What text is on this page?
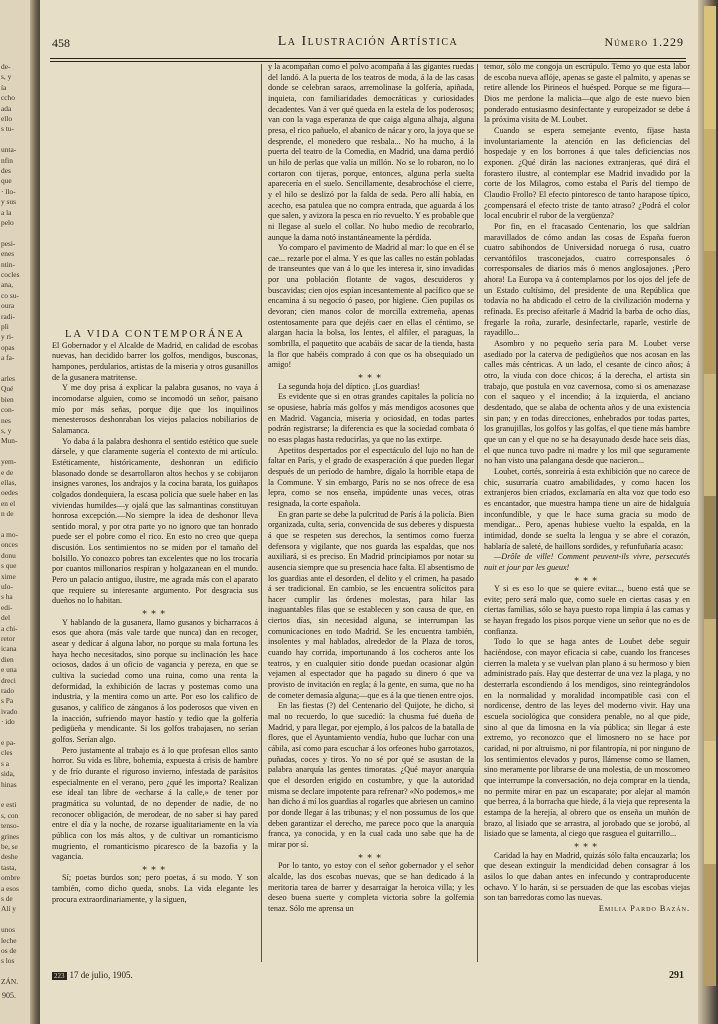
de-
s, y
ía
ccho
ada
ello
s tu-
unta-
nfin
des
que
· llo-
y sus
a la
pelo
pesi-
enes
ntin-
cocles
ana,
co su-
oura
radi-
pli
y ri-
opas
a fa-
arles
Qué
bien
con-
nes
s, y
Mun-
yem-
e de
ellas,
oedes
en el
n de
a mo-
onces
donu
s que
xime
ulo-
s ha
edi-
del
a chi-
retor
icana
dien
e una
dreci
rado
s Pa
ivado
· ido
e pa-
cles
s a
sida,
hinas
e esti
s, con
tenso-
grines
be, se
deshe
tasta,
ombre
a esos
s de
Alí y
unos
leche
os de
s los
ZÁN.
905.
458	La Ilustración Artística	Número 1.229

LA VIDA CONTEMPORÁNEA

El Gobernador y el Alcalde de Madrid, en calidad de escobas nuevas, han decidido barrer los golfos, mendigos, busconas, hampones, perdularios, artistas de la miseria y otros gusanillos de la gusanera matritense.

Y me doy prisa á explicar la palabra gusanos, no vaya á incomodarse alguien, como se incomodó un señor, paisano mío por más señas, porque dije que los inquilinos menesterosos deshonraban los viejos palacios nobiliarios de Salamanca.

Yo daba á la palabra deshonra el sentido estético que suele dársele, y que claramente sugería el contexto de mi artículo. Estéticamente, históricamente, deshonran un edificio blasonado donde se desarrollaron altos hechos y se cobijaron insignes varones, los andrajos y la cocina barata, los guiñapos colgados dondequiera, la escasa policía que suele haber en las viviendas humildes—y ojalá que las salmantinas constituyan honrosa excepción.—No siempre la idea de deshonor lleva sentido moral, y por otra parte yo no ignoro que tan honrado puede ser el pobre como el rico. En esto no creo que quepa discusión. Los sentimientos no se miden por el tamaño del bolsillo. Yo conozco pobres tan excelentes que no los trocaría por cuantos millonarios respiran y holgazanean en el mundo. Pero un palacio antiguo, ilustre, me agrada más con el aparato que requiere su interesante argumento. Por desgracia sus dueños no lo habitan.

∗∗∗

Y hablando de la gusanera, llamo gusanos y bicharracos á esos que ahora (más vale tarde que nunca) dan en recoger, asear y dedicar á alguna labor, no porque su mala fortuna les haya hecho necesitados, sino porque su inclinación les hace ociosos, dados á un oficio de vagancia y pereza, en que se cultiva la suciedad como una ruina, como una renta la deformidad, la exhibición de lacras y postemas como una industria, y la mentira como un arte. Por eso los califico de gusanos, y califico de zánganos á los poderosos que viven en la inacción, sufriendo mayor hastío y tedio que la golfería pedigüeña y mendicante. Si los golfos trabajasen, no serían golfos. Serían algo.

Pero justamente al trabajo es á lo que profesan ellos santo horror. Su vida es libre, bohemia, expuesta á crisis de hambre y de frío durante el riguroso invierno, infestada de parásitos especialmente en el verano, pero ¿qué les importa? Realizan ese ideal tan libre de «echarse á la calle,» de tener por pragmática su voluntad, de no depender de nadie, de no reconocer obligación, de merodear, de no saber si hay pared entre el día y la noche, de rozarse igualitariamente en la vía pública con los más altos, y de cultivar un romanticismo mugriento, el romanticismo picaresco de la bazofia y la vagancia.

∗∗∗

Sí; poetas burdos son; pero poetas, á su modo. Y son también, como dicho queda, snobs. La vida elegante les procura extraordinariamente, y la siguen,

y la acompañan como el polvo acompaña á las gigantes ruedas del landó. A la puerta de los teatros de moda, á la de las casas donde se celebran saraos, arremolinase la golfería, apiñada, inquieta, con familiaridades democráticas y curiosidades decadentes. Van á ver qué queda en la estela de los poderosos; van con la vaga esperanza de que caiga alguna alhaja, alguna presa, el rico pañuelo, el abanico de nácar y oro, la joya que se desprende, el monedero que resbala... No ha mucho, á la puerta del teatro de la Comedia, en Madrid, una dama perdió un hilo de perlas que valía un millón. No se lo robaron, no lo cortaron con tijeras, porque, entonces, alguna perla suelta aparecería en el suelo. Sencillamente, desabrochóse el cierre, y el hilo se deslizó por la falda de seda. Pero allí había, en acecho, esa patulea que no compra entrada, que aguarda á los que salen, y avizora la pesca en río revuelto. Y es probable que ni llegase al suelo el collar. No hubo medio de recobrarlo, aunque la dama notó instantáneamente la pérdida.

Yo comparo el pavimento de Madrid al mar: lo que en él se cae... rezarle por el alma. Y es que las calles no están pobladas de transeuntes que van á lo que les interesa ir, sino invadidas por una población flotante de vagos, descuideros y buscavidas; cien ojos espían incesantemente al pacífico que se encamina á su negocio ó paseo, por higiene. Cien pupilas os devoran; cien manos color de morcilla extremeña, apenas ostentosamente para que dejéis caer en ellas el céntimo, se alargan hacia la bolsa, los lentes, el alfiler, el paraguas, la sombrilla, el paquetito que acabáis de sacar de la tienda, hasta la flor que habéis comprado á con que os ha obsequiado un amigo!

∗∗∗

La segunda hoja del díptico. ¡Los guardias!

Es evidente que si en otras grandes capitales la policía no se opusiese, habría más golfos y más mendigos acosones que en Madrid. Vagancia, miseria y ociosidad, en todas partes podrán registrarse; la diferencia es que la sociedad combata ó no esas plagas hasta reducirlas, ya que no las extirpe.

Apetitos despertados por el espectáculo del lujo no han de faltar en París, y el grado de exasperación á que pueden llegar después de un período de hambre, dígalo la horrible etapa de la Commune. Y sin embargo, París no se nos ofrece de esa lepra, como se nos enseña, impúdente unas veces, otras resignada, la corte española.

En gran parte se debe la pulcritud de París á la policía. Bien organizada, culta, seria, convencida de sus deberes y dispuesta á que se respeten sus derechos, la sentimos como fuerza defensora y vigilante, que nos guarda las espaldas, que nos auxiliará, si es preciso. En Madrid principiamos por notar su ausencia siempre que su presencia hace falta. El absentismo de los guardias ante el desorden, el delito y el crimen, ha pasado á ser tradicional. En cambio, se les encuentra solícitos para hacer cumplir las órdenes molestas, para hilar las inaguantables filas que se establecen y son causa de que, en ciertos días, sin necesidad alguna, se interrumpan las comunicaciones en todo Madrid. Se les encuentra también, insolentes y mal hablados, alrededor de la Plaza de toros, cuando hay corrida, importunando á los cocheros ante los teatros, y en cualquier sitio donde puedan ocasionar algún vejamen al espectador que ha pagado su dinero ó que va provisto de invitación en regla; á la gente, en suma, que no ha de cometer demasía alguna;—que es á la que tienen entre ojos.

En las fiestas (?) del Centenario del Quijote, he dicho, si mal no recuerdo, lo que sucedió: la chusma fué dueña de Madrid, y para llegar, por ejemplo, á los palcos de la batalla de flores, que el Ayuntamiento vendía, hubo que luchar con una cábila, así como para escuchar á los orfeones hubo garrotazos, puñadas, coces y tiros. Yo no sé por qué se asustan de la palabra anarquía las gentes timoratas. ¿Qué mayor anarquía que el desorden erigido en costumbre, y que la autoridad misma se declare impotente para refrenar? «No podemos,» me han dicho á mí los guardias al rogarles que abriesen un camino por donde llegar á las tribunas; y el non possumus de los que deben garantizar el derecho, me parece poco que la anarquía franca, ya conocida, y en la cual cada uno sabe que ha de mirar por sí.

∗∗∗

Por lo tanto, yo estoy con el señor gobernador y el señor alcalde, las dos escobas nuevas, que se han dedicado á la meritoria tarea de barrer y desarraigar la heroica villa; y les deseo buena suerte y completa victoria sobre la golfemia tenaz. Sólo me aprensa un

temor, sólo me congoja un escrúpulo. Temo yo que esta labor de escoba nueva aflóje, apenas se gaste el palmito, y apenas se retire allende los Pirineos el huésped. Porque se me figura—Dios me perdone la malicia—que algo de este nuevo bien ponderado entusiasmo desinfectante y europeizador se debe á la próxima visita de M. Loubet.

Cuando se espera semejante evento, fíjase hasta involuntariamente la atención en las deficiencias del hospedaje y en los borrones á que tales deficiencias nos exponen. ¿Qué dirán las naciones extranjeras, qué dirá el forastero ilustre, al contemplar ese Madrid invadido por la corte de los Milagros, como estaba el París del tiempo de Claudio Frollo? El efecto pintoresco de tanto harapose típico, ¿compensará el efecto triste de tanto atraso? ¿Podrá el color local encubrir el rubor de la vergüenza?

Por fin, en el fracasado Centenario, los que saldrían maravillados de cómo andan las cosas de España fueron cuatro sabihondos de Universidad noruega ó rusa, cuatro cervantófilos trasconejados, cuatro corresponsales ó corresponsales de diarios más ó menos anglosajones. ¡Pero ahora! La Europa va á contemplarnos por los ojos del jefe de un Estado cultísimo, del presidente de una República que todavía no ha abdicado el cetro de la civilización moderna y refinada. Es preciso afeitarle á Madrid la barba de ocho días, fregarle la roña, zurarle, desinfectarle, raparle, vestirle de rayadillo...

Asombro y no pequeño sería para M. Loubet verse asediado por la caterva de pedigüeños que nos acosan en las calles más céntricas. A un lado, el cesante de cinco años; á otro, la viuda con doce chicos; á la derecha, el artista sin trabajo, que postula en voz cavernosa, como si os amenazase con el saqueo y el incendio; á la izquierda, el anciano desdentado, que se alaba de ochenta años y de una existencia sin pan; y en todas direcciones, enhebrados por todas partes, los granujillas, los golfos y las golfas, el que tiene más hambre que un can y el que no se ha desayunado desde hace seis días, el que nunca tuvo padre ni madre y los mil que seguramente no han visto una palangana desde que nacieron...

Loubet, cortés, sonreiría á esta exhibición que no carece de chic, susurraría cuatro amabilidades, y como hacen los extranjeros bien criados, exclamaría en alta voz que todo eso es encantador, que muestra hampa tiene un aire de hidalguía inconfundible, y que le hace suma gracia su modo de mendigar... Pero, apenas hubiese vuelto la espalda, en la intimidad, donde se suelta la lengua y se abre el corazón, hablaría de saleté, de haillons sordides, y refunfuñaría acaso:

—Drôle de ville! Comment peuvent-ils vivre, persecutés nuit et jour par les gueux!

∗∗∗

Y si es eso lo que se quiere evitar..., bueno está que se evite; pero será malo que, como suele en ciertas casas y en ciertas familias, sólo se haya puesto ropa limpia á las camas y se hayan fregado los pisos porque viene un señor que no es de confianza.

Todo lo que se haga antes de Loubet debe seguir haciéndose, con mayor eficacia si cabe, cuando los franceses cierren la maleta y se vuelvan plan plano á su hermoso y bien administrado país. Hay que desterrar de una vez la plaga, y no desterrarla escondiendo á los mendigos, sino reintegrándolos en la normalidad y moralidad incompatible casi con el nordicense, dentro de las leyes del moderno vivir. Hay una escuela sociológica que considera penable, no al que pide, sino al que da limosna en la vía pública; sin llegar á este extremo, yo reconozco que el limosnero no se hace por caridad, ni por altruismo, ni por filantropía, ni por ninguno de los sentimientos elevados y puros, llámense como se llamen, sino meramente por librarse de una molestia, de un moscomeo que interrumpe la conversación, no deja comprar en la tienda, no permite mirar en paz un escaparate; por alejar al mamón que berrea, á la borracha que hiede, á la vieja que representa la estampa de la herejía, al obrero que os enseña un muñón de brazo, al lisiado que se arrastra, al jorobado que se jorobó, al lisiado que se lamenta, al ciego que rasguea el guitarrillo...

∗∗∗

Caridad la hay en Madrid, quizás sólo falta encauzarla; los que desean extinguir la mendicidad deben consagrar á los asilos lo que daban antes en infecundo y contraproducente ochavo. Y lo harán, si se persuaden de que las escobas viejas son tan barredoras como las nuevas.

Emilia Pardo Bazán.

223 17 de julio, 1905.	291
